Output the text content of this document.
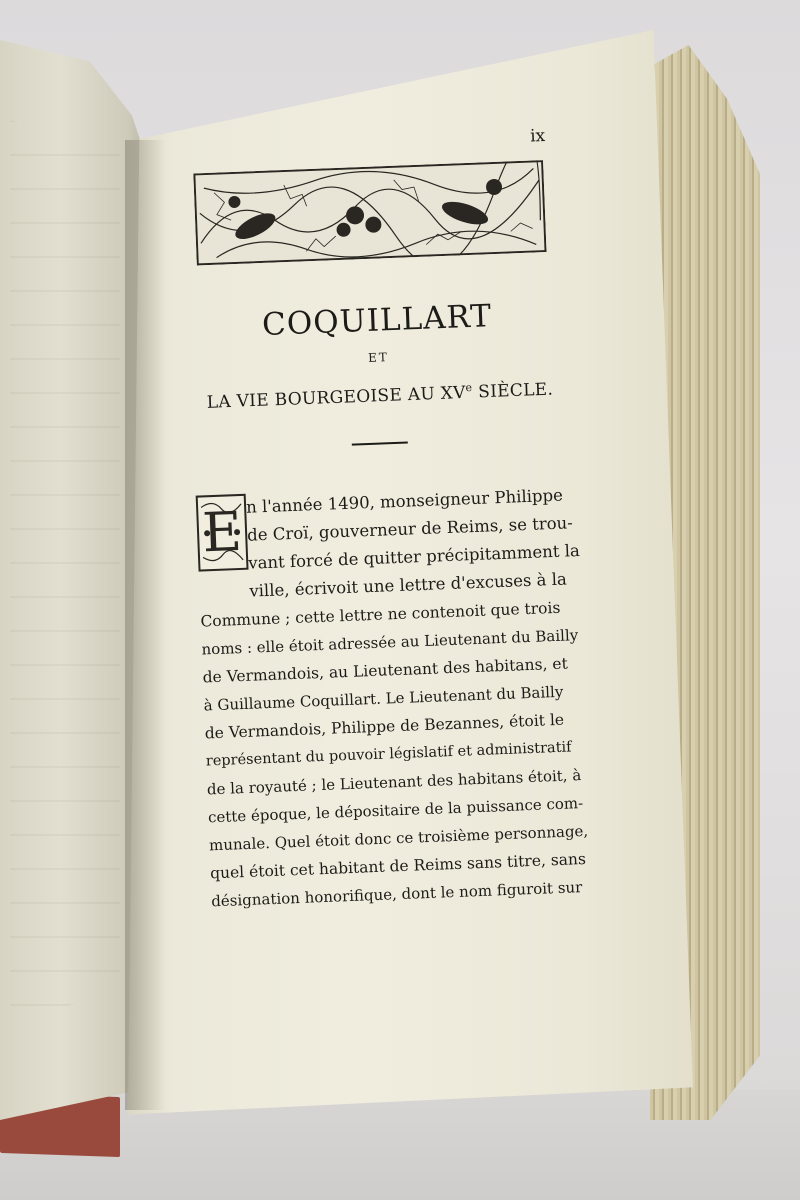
ix
COQUILLART
ET
LA VIE BOURGEOISE AU XVe SIÈCLE.
E n l'année 1490, monseigneur Philippe
de Croï, gouverneur de Reims, se trou-
vant forcé de quitter précipitamment la
ville, écrivoit une lettre d'excuses à la
Commune ; cette lettre ne contenoit que trois
noms : elle étoit adressée au Lieutenant du Bailly
de Vermandois, au Lieutenant des habitans, et
à Guillaume Coquillart. Le Lieutenant du Bailly
de Vermandois, Philippe de Bezannes, étoit le
représentant du pouvoir législatif et administratif
de la royauté ; le Lieutenant des habitans étoit, à
cette époque, le dépositaire de la puissance com-
munale. Quel étoit donc ce troisième personnage,
quel étoit cet habitant de Reims sans titre, sans
désignation honorifique, dont le nom figuroit sur
